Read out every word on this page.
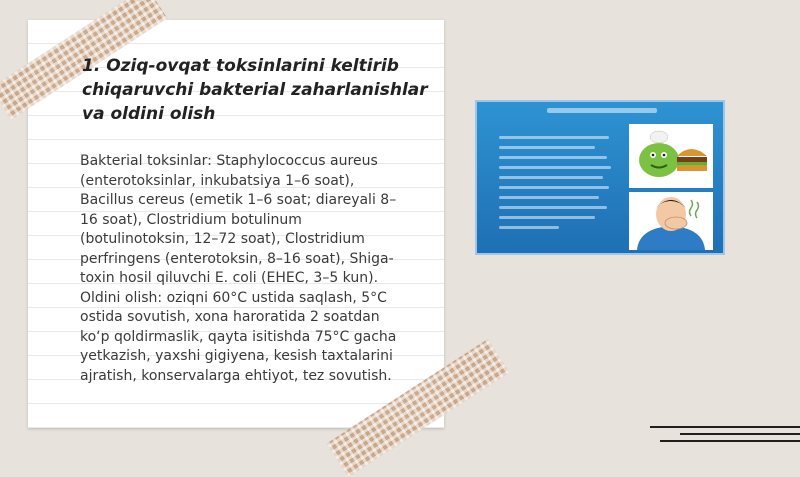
1. Oziq-ovqat toksinlarini keltirib
chiqaruvchi bakterial zaharlanishlar
va oldini olish

Bakterial toksinlar: Staphylococcus aureus
(enterotoksinlar, inkubatsiya 1–6 soat),
Bacillus cereus (emetik 1–6 soat; diareyali 8–
16 soat), Clostridium botulinum
(botulinotoksin, 12–72 soat), Clostridium
perfringens (enterotoksin, 8–16 soat), Shiga-
toxin hosil qiluvchi E. coli (EHEC, 3–5 kun).
Oldini olish: oziqni 60°C ustida saqlash, 5°C
ostida sovutish, xona haroratida 2 soatdan
ko‘p qoldirmaslik, qayta isitishda 75°C gacha
yetkazish, yaxshi gigiyena, kesish taxtalarini
ajratish, konservalarga ehtiyot, tez sovutish.
